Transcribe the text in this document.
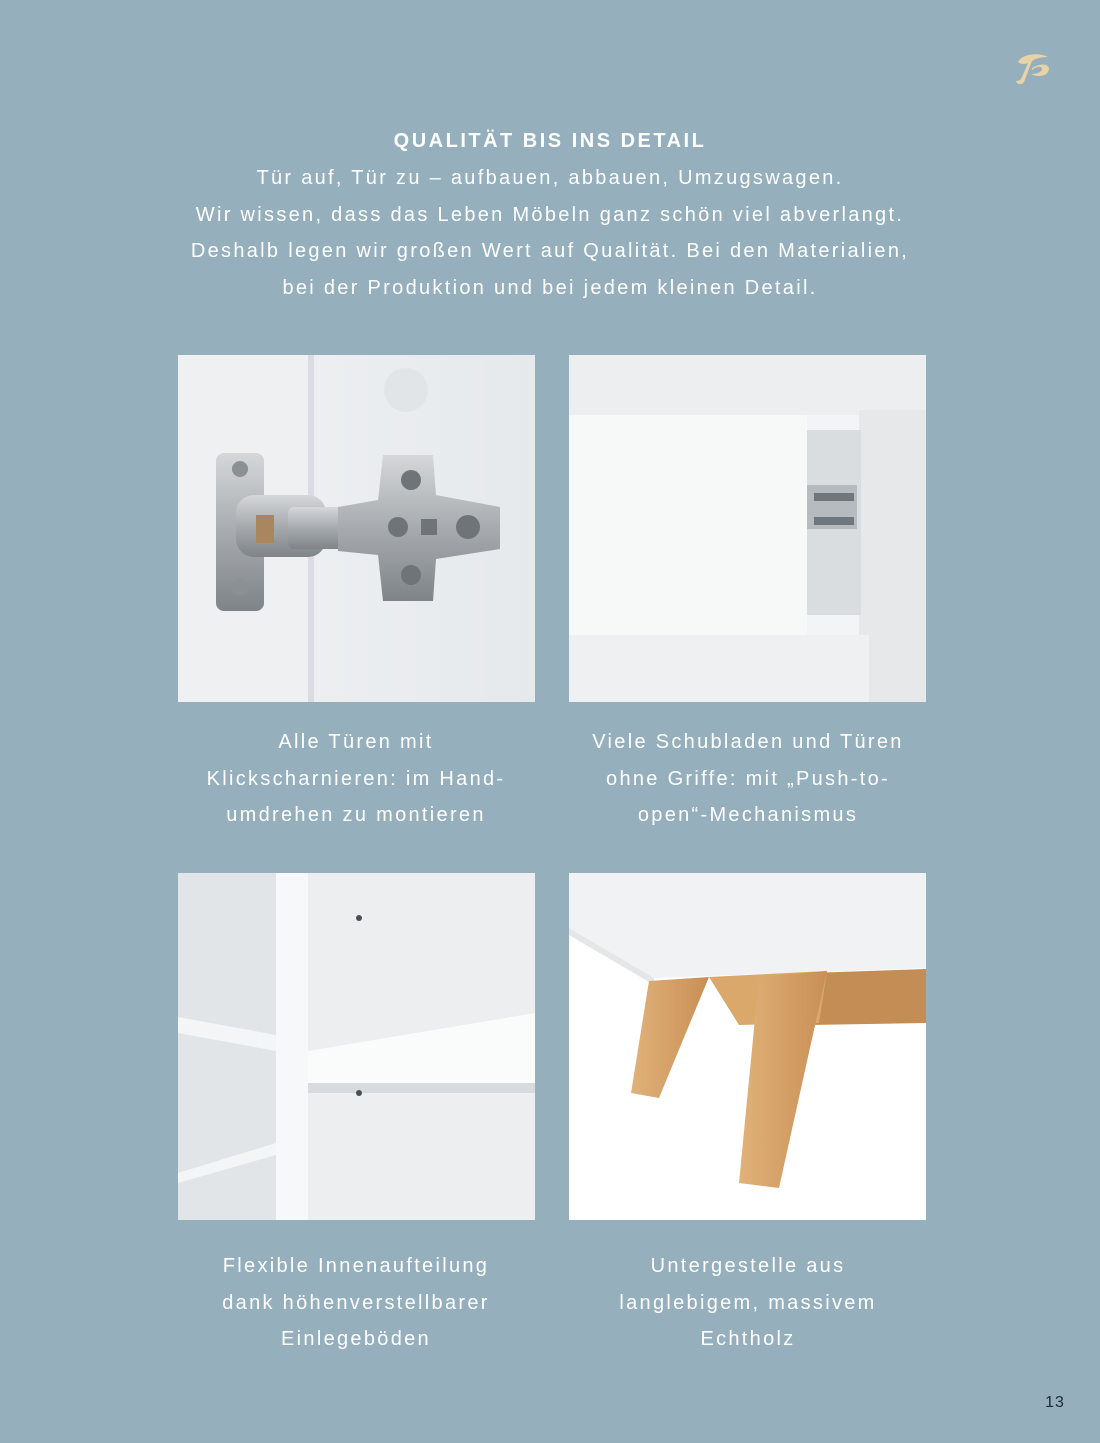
QUALITÄT BIS INS DETAIL

Tür auf, Tür zu – aufbauen, abbauen, Umzugswagen.
Wir wissen, dass das Leben Möbeln ganz schön viel abverlangt.
Deshalb legen wir großen Wert auf Qualität. Bei den Materialien,
bei der Produktion und bei jedem kleinen Detail.

Alle Türen mit
Klickscharnieren: im Hand-
umdrehen zu montieren
Viele Schubladen und Türen
ohne Griffe: mit „Push-to-
open“-Mechanismus
Flexible Innenaufteilung
dank höhenverstellbarer
Einlegeböden
Untergestelle aus
langlebigem, massivem
Echtholz
13
